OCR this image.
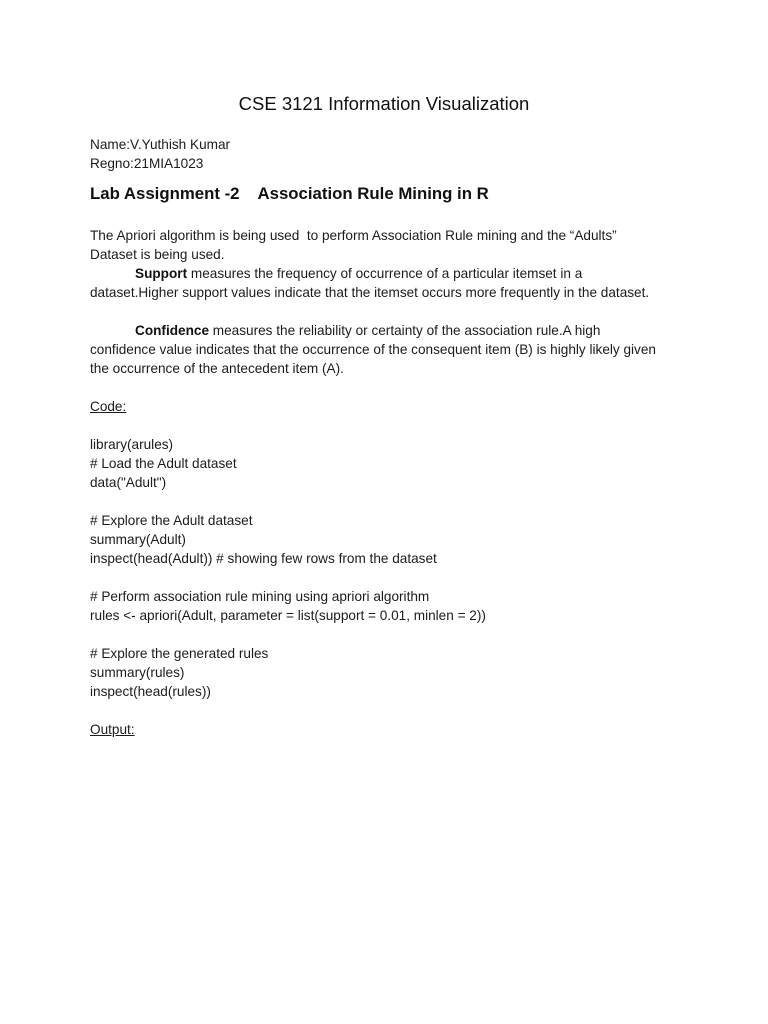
CSE 3121 Information Visualization
Name:V.Yuthish Kumar
Regno:21MIA1023
Lab Assignment -2    Association Rule Mining in R
The Apriori algorithm is being used  to perform Association Rule mining and the “Adults”
Dataset is being used.
Support measures the frequency of occurrence of a particular itemset in a
dataset.Higher support values indicate that the itemset occurs more frequently in the dataset.
Confidence measures the reliability or certainty of the association rule.A high
confidence value indicates that the occurrence of the consequent item (B) is highly likely given
the occurrence of the antecedent item (A).
Code:
library(arules)
# Load the Adult dataset
data("Adult")
# Explore the Adult dataset
summary(Adult)
inspect(head(Adult)) # showing few rows from the dataset
# Perform association rule mining using apriori algorithm
rules <- apriori(Adult, parameter = list(support = 0.01, minlen = 2))
# Explore the generated rules
summary(rules)
inspect(head(rules))
Output:
